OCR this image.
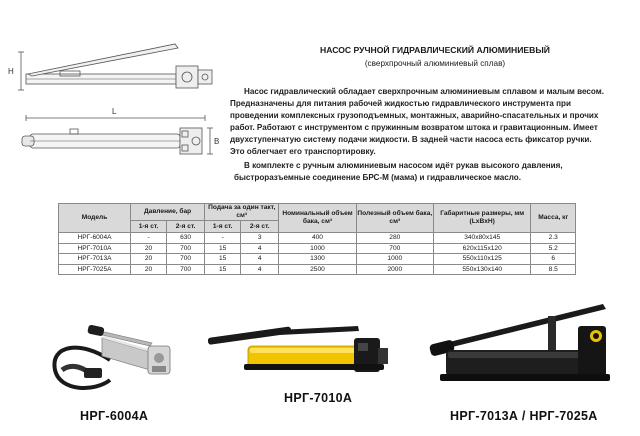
H
L
B
НАСОС РУЧНОЙ ГИДРАВЛИЧЕСКИЙ АЛЮМИНИЕВЫЙ
(сверхпрочный алюминиевый сплав)
Насос гидравлический обладает сверхпрочным алюминиевым сплавом и малым весом.
Предназначены для питания рабочей жидкостью гидравлического инструмента при
проведении комплексных грузоподъемных, монтажных, аварийно-спасательных и прочих
работ. Работают с инструментом с пружинным возвратом штока и гравитационным. Имеет
двухступенчатую систему подачи жидкости. В задней части насоса есть фиксатор ручки.
Это облегчает его транспортировку.
В комплекте с ручным алюминиевым насосом идёт рукав высокого давления,
быстроразъемные соединение БРС-М (мама) и гидравлическое масло.
Модель	Давление, бар		Подача за один такт, см³		Номинальный объем бака, см³	Полезный объем бака, см³	Габаритные размеры, мм (LxBxH)	Масса, кг
	1-я ст.	2-я ст.	1-я ст.	2-я ст.				
НРГ-6004А	-	630	-	3	400	280	340x80x145	2.3
НРГ-7010А	20	700	15	4	1000	700	620x115x120	5.2
НРГ-7013А	20	700	15	4	1300	1000	550x110x125	6
НРГ-7025А	20	700	15	4	2500	2000	550x130x140	8.5
НРГ-6004А
НРГ-7010А
НРГ-7013А / НРГ-7025А
